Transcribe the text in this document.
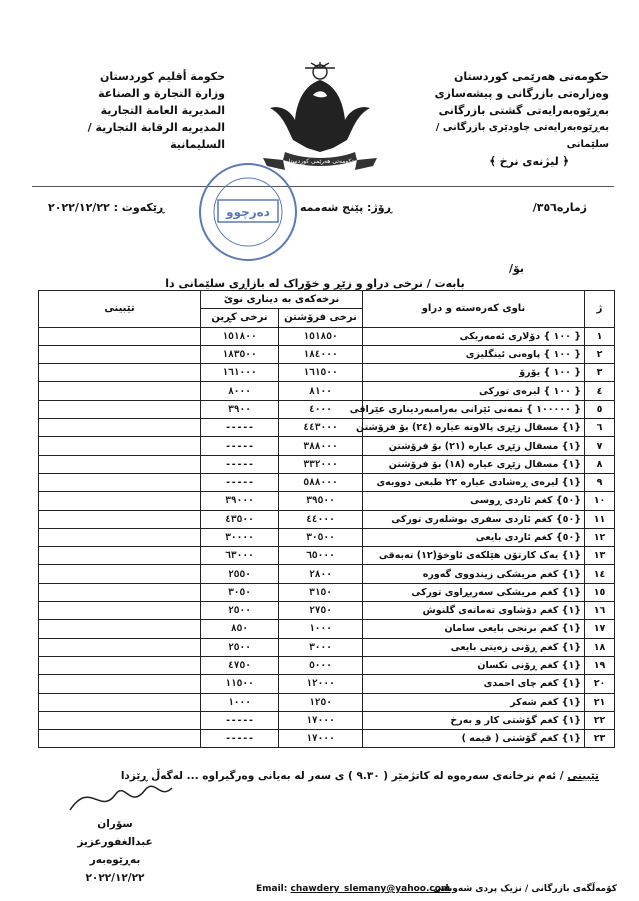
حکومەتی هەرێمی کوردستان
وەزارەتی بازرگانی و پیشەسازی
بەڕێوەبەرایەتی گشتی بازرگانی
بەڕێوەبەرایەتی چاودێری بازرگانی / سلێمانی
﴿ لیژنەی نرخ ﴾
حكومة أقليم كوردستان
وزارة التجارة و الصناعة
المديرية العامة التجارية
المديريه الرقابة التجارية / السليمانية
حكومەتی هەرێمی كوردستان
ژمارە۳٥٦/
ڕۆژ: پێنج شەممە
ڕێکەوت : ۲۰۲۲/۱۲/۲۲	دەرچوو
بۆ/
بابەت / نرخی دراو و زێڕ و خۆراک لە بازاڕی سلێمانی دا
ژ	ناوی کەرەستە و دراو	نرخەکەی بە دیناری نوێ		تێبینی
		نرخی فرۆشتن	نرخی کڕین	
۱	{ ۱۰۰ } دۆلاری ئەمەریکی	۱٥۱۸٥۰	۱٥۱۸۰۰	
۲	{ ۱۰۰ } پاوەنی ئینگلیزی	۱۸٤۰۰۰	۱۸۳٥۰۰	
۳	{ ۱۰۰ } یۆرۆ	۱٦۱٥۰۰	۱٦۱۰۰۰	
٤	{ ۱۰۰ } لیرەی تورکی	۸۱۰۰	۸۰۰۰	
٥	{ ۱۰۰۰۰۰ } تمەنی ئێرانی بەرامبەردیناری عێراقی	٤۰۰۰	۳۹۰۰	
٦	{۱} مسقال زێڕی پالاوتە عیارە (۲٤) بۆ فرۆشتن	٤٤۳۰۰۰	-----	
۷	{۱} مسقال زێڕی عیارە (۲۱) بۆ فرۆشتن	۳۸۸۰۰۰	-----	
۸	{۱} مسقال زێڕی عیارە (۱۸) بۆ فرۆشتن	۳۳۲۰۰۰	-----	
۹	{۱} لیرەی ڕەشادی عیارە ۲۲ طبعی دووبەی	٥۸۸۰۰۰	-----	
۱۰	{٥۰} کغم ئاردی ڕوسی	۳۹٥۰۰	۳۹۰۰۰	
۱۱	{٥۰} کغم ئاردی سفری بوشلەری تورکی	٤٤۰۰۰	٤۳٥۰۰	
۱۲	{٥۰} کغم ئاردی بایعی	۳۰٥۰۰	۳۰۰۰۰	
۱۳	{۱} یەک کارتۆن هێلکەی ئاوخۆ(۱۲) تەبەقی	٦٥۰۰۰	٦۳۰۰۰	
۱٤	{۱} کغم مریشکی زیندووی گەورە	۲۸۰۰	۲٥٥۰	
۱٥	{۱} کغم مریشکی سەربڕاوی تورکی	۳۱٥۰	۳۰٥۰	
۱٦	{۱} کغم دۆشاوی تەماتەی گلنوش	۲۷٥۰	۲٥۰۰	
۱۷	{۱} کغم برنجی بایعی سامان	۱۰۰۰	۸٥۰	
۱۸	{۱} کغم ڕۆنی زەیتی بایعی	۳۰۰۰	۲٥۰۰	
۱۹	{۱} کغم ڕۆنی تکسان	٥۰۰۰	٤۷٥۰	
۲۰	{۱} کغم چای احمدی	۱۲۰۰۰	۱۱٥۰۰	
۲۱	{۱} کغم شەکر	۱۲٥۰	۱۰۰۰	
۲۲	{۱} کغم گۆشتی کار و بەرخ	۱۷۰۰۰	-----	
۲۳	{۱} کغم گۆشتی ( قیمە )	۱۷۰۰۰	-----	
تێبینی / ئەم نرخانەی سەرەوە لە کاتژمێر ( ۹.۳۰ ) ی سەر لە بەیانی وەرگیراوە ... لەگەڵ ڕێزدا
سۆران عبدالغفورعزیز
بەڕێوەبەر
۲۰۲۲/۱۲/۲۲
Email: chawdery_slemany@yahoo.com
کۆمەڵگەی بازرگانی / نزیک پردی شەوبانی
